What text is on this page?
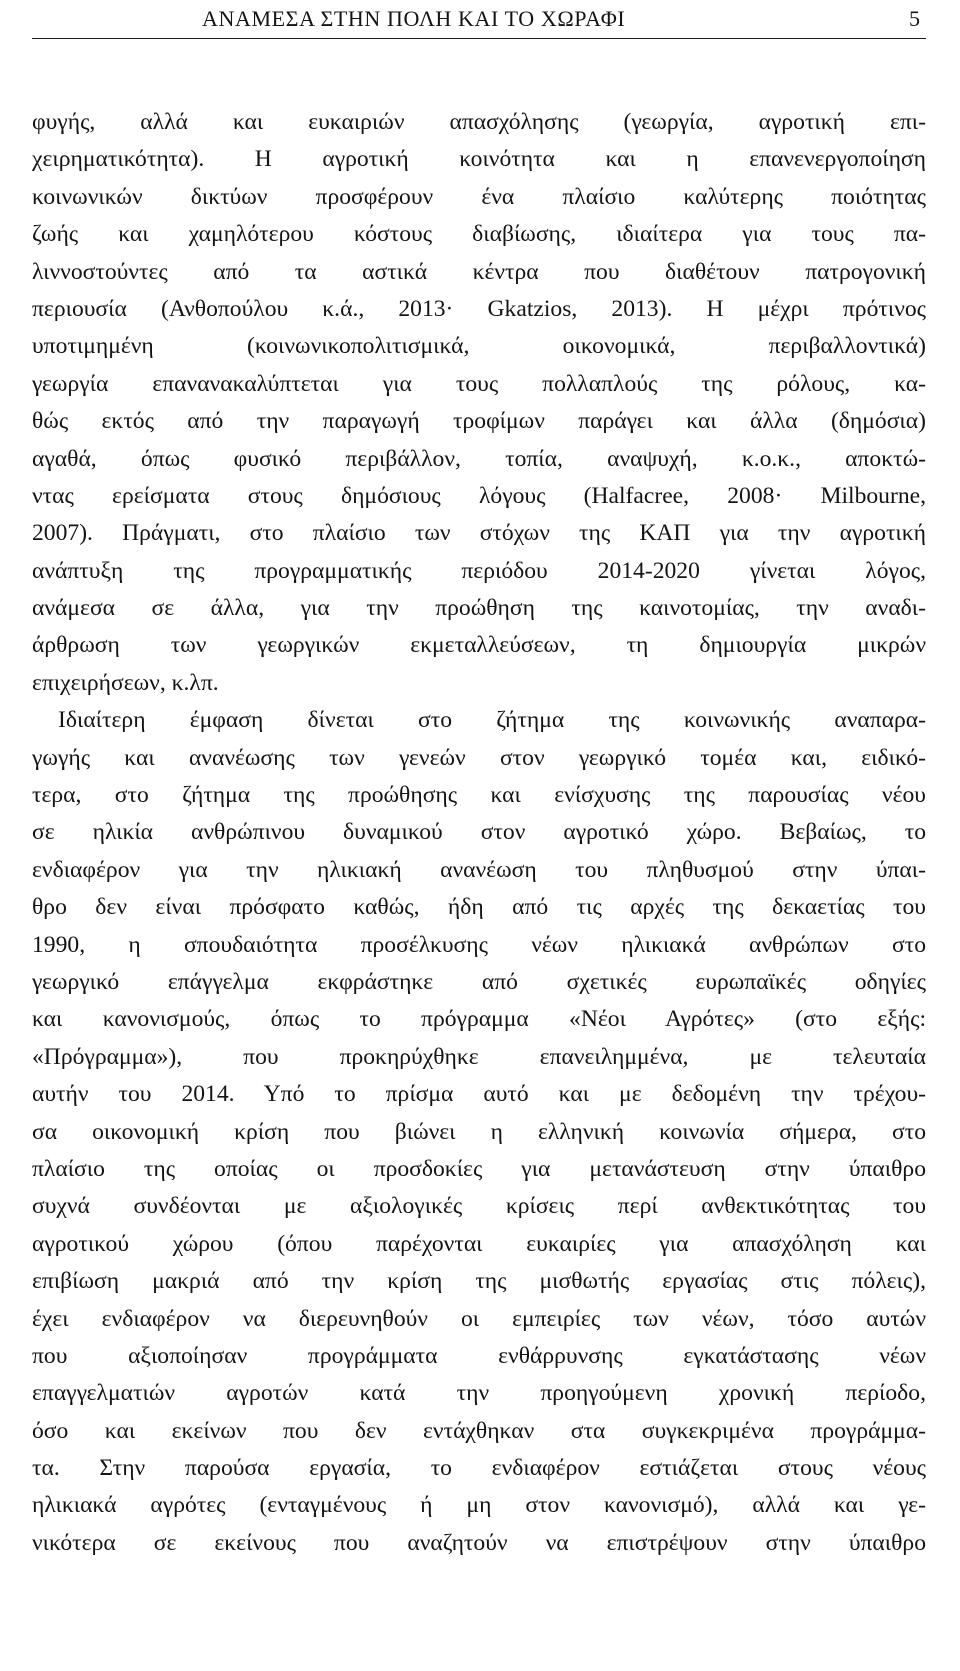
ΑΝΑΜΕΣΑ ΣΤΗΝ ΠΟΛΗ ΚΑΙ ΤΟ ΧΩΡΑΦΙ	5
φυγής, αλλά και ευκαιριών απασχόλησης (γεωργία, αγροτική επι-
χειρηματικότητα). Η αγροτική κοινότητα και η επανενεργοποίηση
κοινωνικών δικτύων προσφέρουν ένα πλαίσιο καλύτερης ποιότητας
ζωής και χαμηλότερου κόστους διαβίωσης, ιδιαίτερα για τους πα-
λιννοστούντες από τα αστικά κέντρα που διαθέτουν πατρογονική
περιουσία (Ανθοπούλου κ.ά., 2013· Gkatzios, 2013). Η μέχρι πρότινος
υποτιμημένη (κοινωνικοπολιτισμικά, οικονομικά, περιβαλλοντικά)
γεωργία επανανακαλύπτεται για τους πολλαπλούς της ρόλους, κα-
θώς εκτός από την παραγωγή τροφίμων παράγει και άλλα (δημόσια)
αγαθά, όπως φυσικό περιβάλλον, τοπία, αναψυχή, κ.ο.κ., αποκτώ-
ντας ερείσματα στους δημόσιους λόγους (Halfacree, 2008· Milbourne,
2007). Πράγματι, στο πλαίσιο των στόχων της ΚΑΠ για την αγροτική
ανάπτυξη της προγραμματικής περιόδου 2014-2020 γίνεται λόγος,
ανάμεσα σε άλλα, για την προώθηση της καινοτομίας, την αναδι-
άρθρωση των γεωργικών εκμεταλλεύσεων, τη δημιουργία μικρών
επιχειρήσεων, κ.λπ.
Ιδιαίτερη έμφαση δίνεται στο ζήτημα της κοινωνικής αναπαρα-
γωγής και ανανέωσης των γενεών στον γεωργικό τομέα και, ειδικό-
τερα, στο ζήτημα της προώθησης και ενίσχυσης της παρουσίας νέου
σε ηλικία ανθρώπινου δυναμικού στον αγροτικό χώρο. Βεβαίως, το
ενδιαφέρον για την ηλικιακή ανανέωση του πληθυσμού στην ύπαι-
θρο δεν είναι πρόσφατο καθώς, ήδη από τις αρχές της δεκαετίας του
1990, η σπουδαιότητα προσέλκυσης νέων ηλικιακά ανθρώπων στο
γεωργικό επάγγελμα εκφράστηκε από σχετικές ευρωπαϊκές οδηγίες
και κανονισμούς, όπως το πρόγραμμα «Νέοι Αγρότες» (στο εξής:
«Πρόγραμμα»), που προκηρύχθηκε επανειλημμένα, με τελευταία
αυτήν του 2014. Υπό το πρίσμα αυτό και με δεδομένη την τρέχου-
σα οικονομική κρίση που βιώνει η ελληνική κοινωνία σήμερα, στο
πλαίσιο της οποίας οι προσδοκίες για μετανάστευση στην ύπαιθρο
συχνά συνδέονται με αξιολογικές κρίσεις περί ανθεκτικότητας του
αγροτικού χώρου (όπου παρέχονται ευκαιρίες για απασχόληση και
επιβίωση μακριά από την κρίση της μισθωτής εργασίας στις πόλεις),
έχει ενδιαφέρον να διερευνηθούν οι εμπειρίες των νέων, τόσο αυτών
που αξιοποίησαν προγράμματα ενθάρρυνσης εγκατάστασης νέων
επαγγελματιών αγροτών κατά την προηγούμενη χρονική περίοδο,
όσο και εκείνων που δεν εντάχθηκαν στα συγκεκριμένα προγράμμα-
τα. Στην παρούσα εργασία, το ενδιαφέρον εστιάζεται στους νέους
ηλικιακά αγρότες (ενταγμένους ή μη στον κανονισμό), αλλά και γε-
νικότερα σε εκείνους που αναζητούν να επιστρέψουν στην ύπαιθρο
